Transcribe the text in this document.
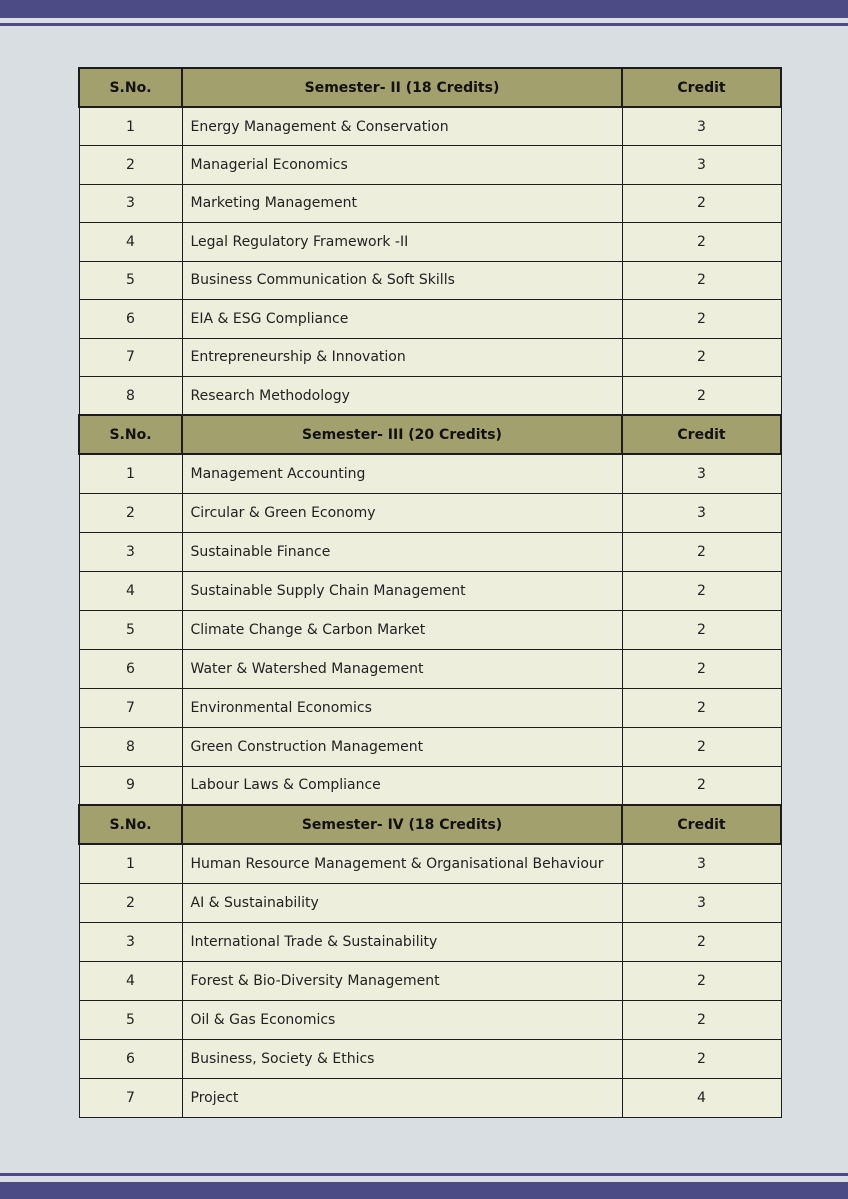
S.No.	Semester- II (18 Credits)	Credit
1	Energy Management & Conservation	3
2	Managerial Economics	3
3	Marketing Management	2
4	Legal Regulatory Framework -II	2
5	Business Communication & Soft Skills	2
6	EIA & ESG Compliance	2
7	Entrepreneurship & Innovation	2
8	Research Methodology	2
S.No.	Semester- III (20 Credits)	Credit
1	Management Accounting	3
2	Circular & Green Economy	3
3	Sustainable Finance	2
4	Sustainable Supply Chain Management	2
5	Climate Change & Carbon Market	2
6	Water & Watershed Management	2
7	Environmental Economics	2
8	Green Construction Management	2
9	Labour Laws & Compliance	2
S.No.	Semester- IV (18 Credits)	Credit
1	Human Resource Management & Organisational Behaviour	3
2	AI & Sustainability	3
3	International Trade & Sustainability	2
4	Forest & Bio-Diversity Management	2
5	Oil & Gas Economics	2
6	Business, Society & Ethics	2
7	Project	4
